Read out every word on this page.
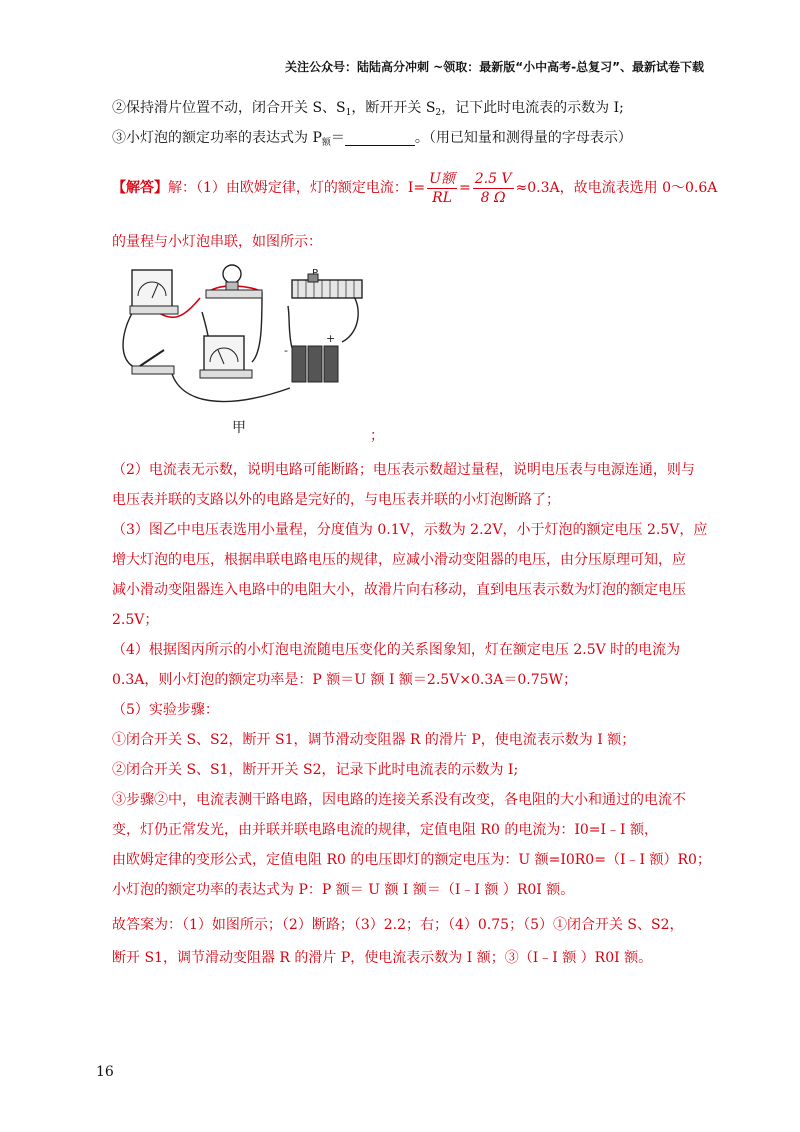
关注公众号：陆陆高分冲刺 ~领取：最新版“小中高考-总复习”、最新试卷下载
②保持滑片位置不动，闭合开关 S、$S_1$，断开开关 $S_2$，记下此时电流表的示数为 I;
③小灯泡的额定功率的表达式为 $P_额=$	。（用已知量和测得量的字母表示）
【解答】解：（1）由欧姆定律，灯的额定电流：$I= \frac{\text{U额}}{RL} = \frac{2.5 V}{8 \Omega} \approx 0.3A$，故电流表选用 0～0.6A
的量程与小灯泡串联，如图所示：
-
+
甲	；
（2）电流表无示数，说明电路可能断路；电压表示数超过量程，说明电压表与电源连通，则与
电压表并联的支路以外的电路是完好的，与电压表并联的小灯泡断路了；
（3）图乙中电压表选用小量程，分度值为 0.1V，示数为 2.2V，小于灯泡的额定电压 2.5V，应
增大灯泡的电压，根据串联电路电压的规律，应减小滑动变阻器的电压，由分压原理可知，应
减小滑动变阻器连入电路中的电阻大小，故滑片向右移动，直到电压表示数为灯泡的额定电压
2.5V；
（4）根据图丙所示的小灯泡电流随电压变化的关系图象知，灯在额定电压 2.5V 时的电流为
0.3A，则小灯泡的额定功率是：P 额＝U 额 I 额＝2.5V×0.3A＝0.75W；
（5）实验步骤：
①闭合开关 S、S2，断开 S1，调节滑动变阻器 R 的滑片 P，使电流表示数为 I 额；
②闭合开关 S、S1，断开开关 S2，记录下此时电流表的示数为 I;
③步骤②中，电流表测干路电路，因电路的连接关系没有改变，各电阻的大小和通过的电流不
变，灯仍正常发光，由并联并联电路电流的规律，定值电阻 R0 的电流为：I0=I﹣I 额，
由欧姆定律的变形公式，定值电阻 R0 的电压即灯的额定电压为：U 额=I0R0=（I﹣I 额）R0；
小灯泡的额定功率的表达式为 P：P 额＝ U 额 I 额＝（I﹣I 额 ）R0I 额。
故答案为：（1）如图所示；（2）断路；（3）2.2；右；（4）0.75；（5）①闭合开关 S、S2，
断开 S1，调节滑动变阻器 R 的滑片 P，使电流表示数为 I 额；③（I﹣I 额 ）R0I 额。
16
